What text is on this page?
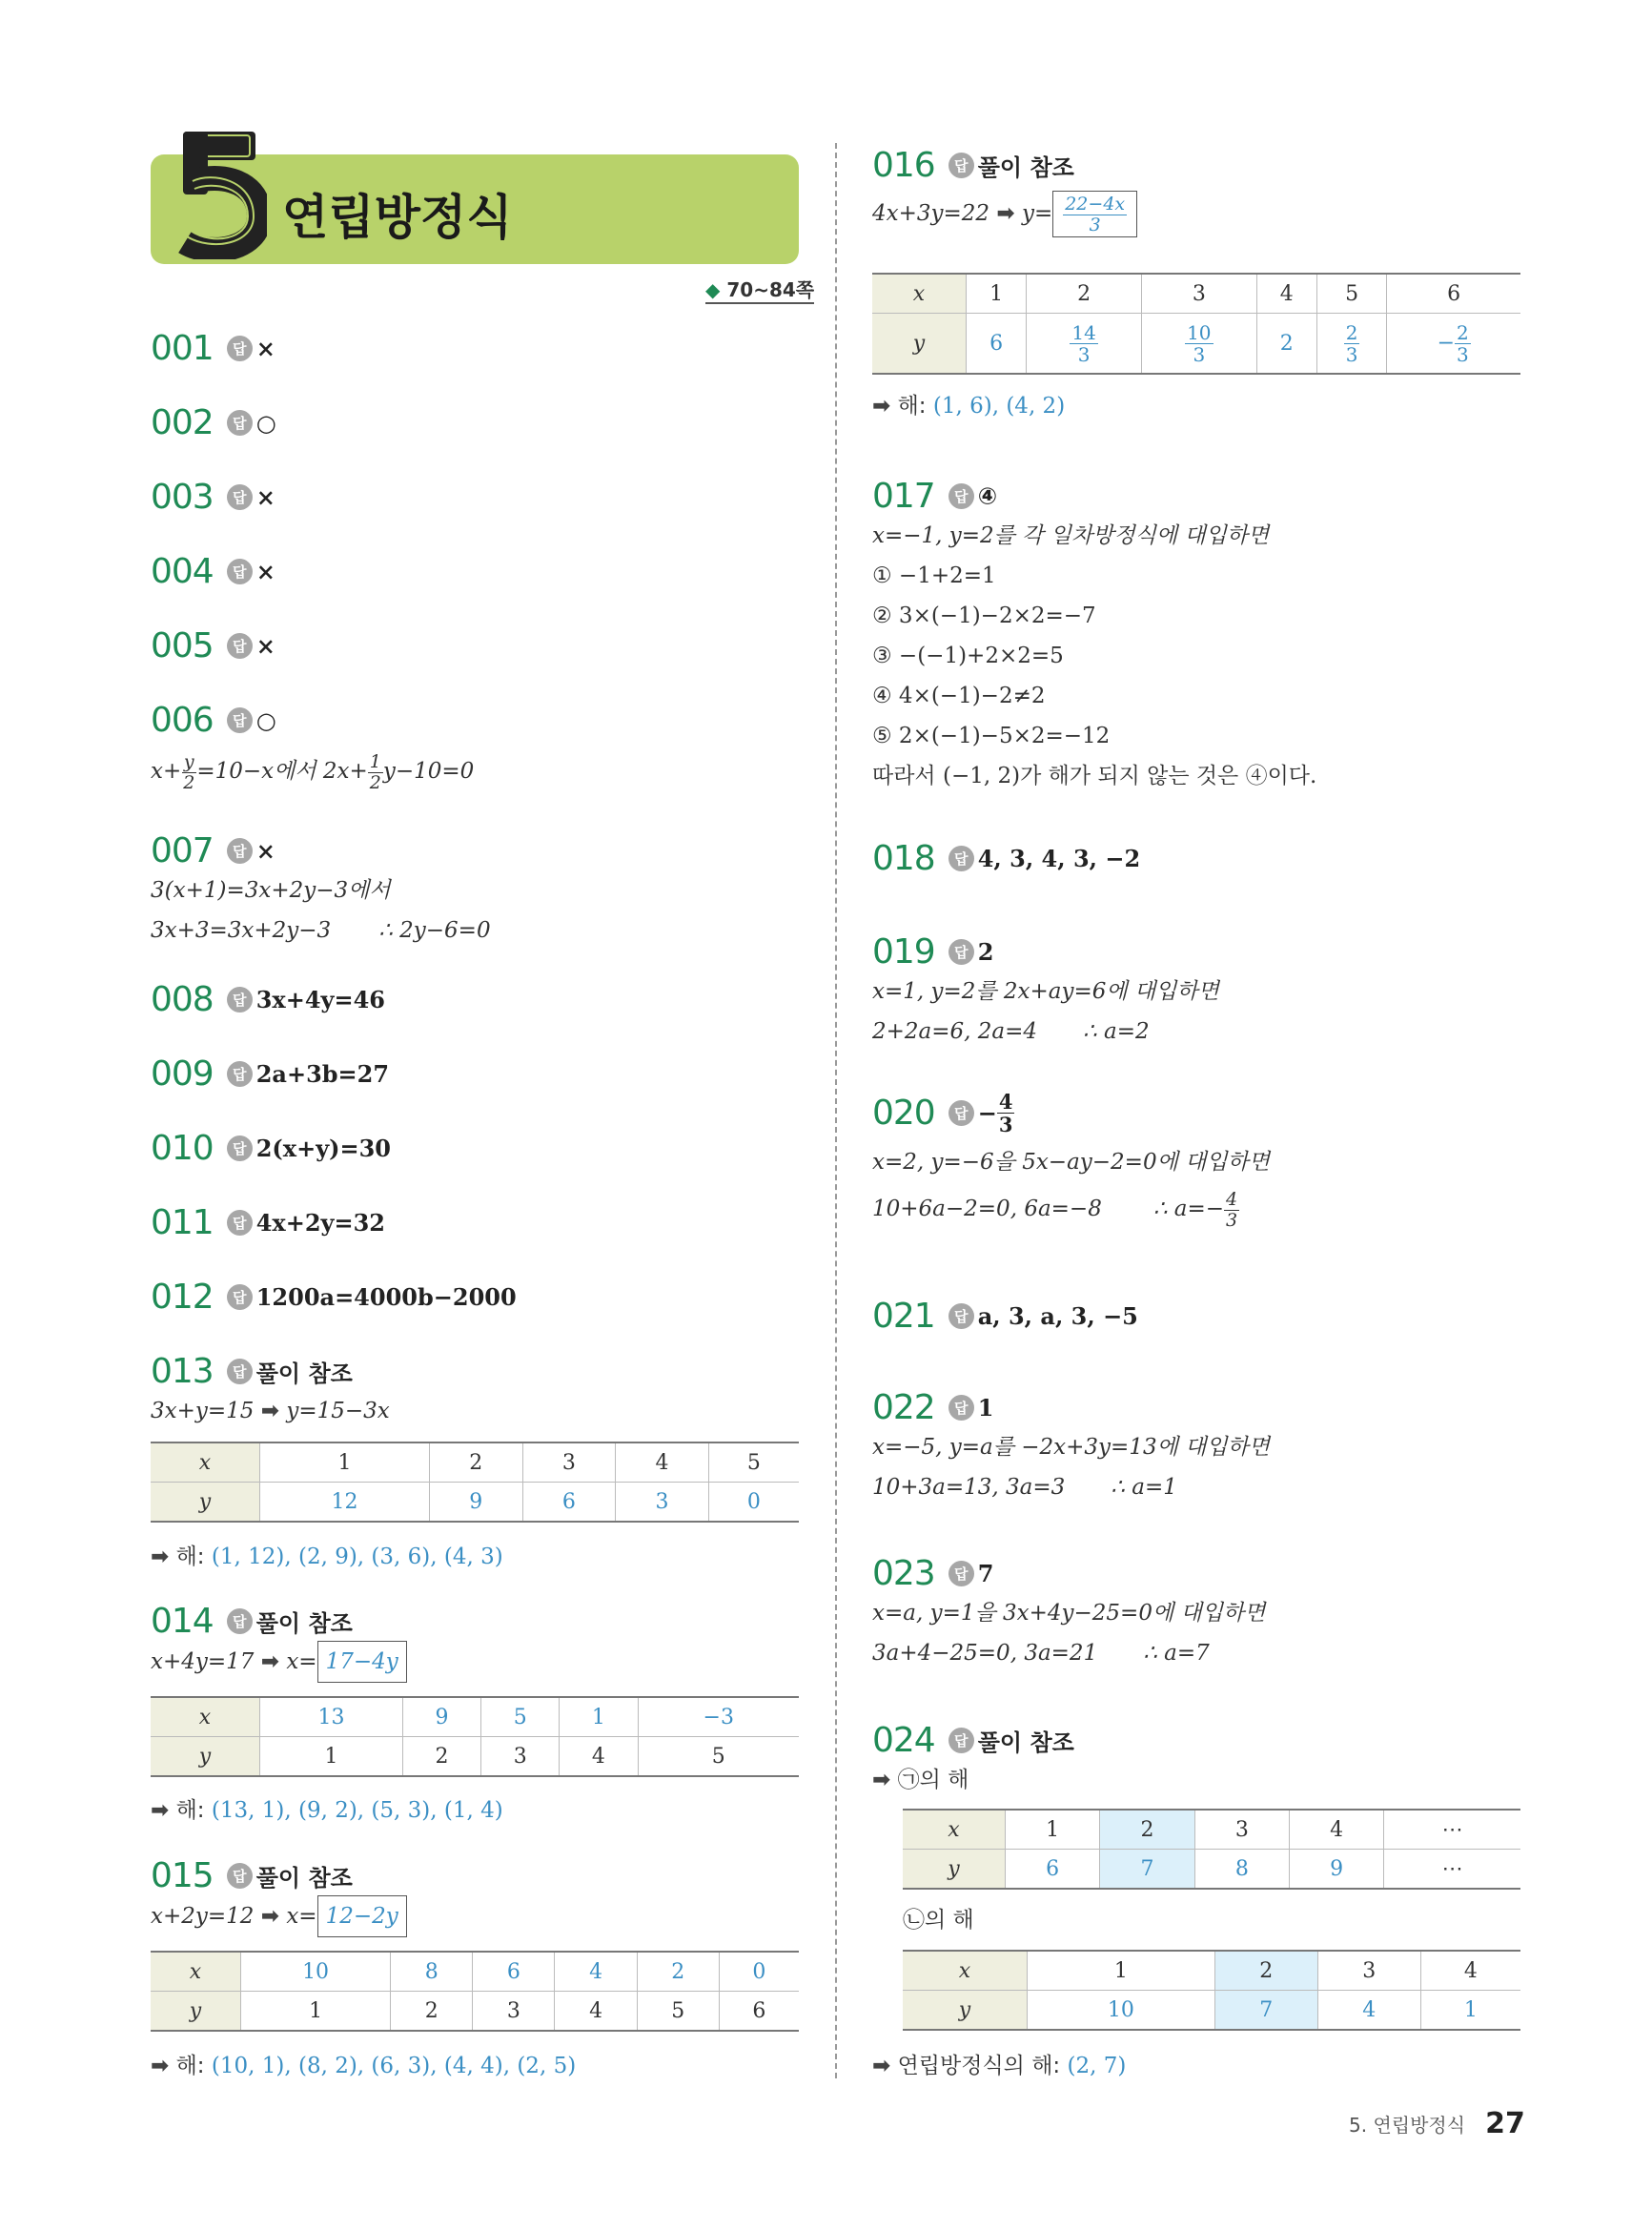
연립방정식
◆ 70~84쪽
001 답 ×
002 답 ○
003 답 ×
004 답 ×
005 답 ×
006 답 ○
$x+ \frac{y}{2} =10-x$에서 $2x+ \frac{1}{2} y-10=0$
007 답 ×
3(x+1)=3x+2y−3에서
3x+3=3x+2y−3 ∴ 2y−6=0
008 답 3x+4y=46
009 답 2a+3b=27
010 답 2(x+y)=30
011 답 4x+2y=32
012 답 1200a=4000b−2000
013 답 풀이 참조
3x+y=15 ➡ y=15−3x
x	1	2	3	4	5
y	12	9	6	3	0
➡ 해: (1, 12), (2, 9), (3, 6), (4, 3)
014 답 풀이 참조
x+4y=17 ➡ x= 17−4y
x	13	9	5	1	−3
y	1	2	3	4	5
➡ 해: (13, 1), (9, 2), (5, 3), (1, 4)
015 답 풀이 참조
x+2y=12 ➡ x= 12−2y
x	10	8	6	4	2	0
y	1	2	3	4	5	6
➡ 해: (10, 1), (8, 2), (6, 3), (4, 4), (2, 5)
016 답 풀이 참조
4x+3y=22 ➡ $y= \frac{22-4x}{3}$
x	1	2	3	4	5	6
y	6	$\frac{14}{3}$	$\frac{10}{3}$	2	$\frac{2}{3}$	− $\frac{2}{3}$
➡ 해: (1, 6), (4, 2)
017 답 ④
x=−1, y=2를 각 일차방정식에 대입하면
① −1+2=1
② 3×(−1)−2×2=−7
③ −(−1)+2×2=5
④ 4×(−1)−2≠2
⑤ 2×(−1)−5×2=−12
따라서 (−1, 2)가 해가 되지 않는 것은 ④이다.
018 답 4, 3, 4, 3, −2
019 답 2
x=1, y=2를 2x+ay=6에 대입하면
2+2a=6, 2a=4 ∴ a=2
020 답 − $\frac{4}{3}$
x=2, y=−6을 5x−ay−2=0에 대입하면
10+6a−2=0, 6a=−8 ∴ $a=- \frac{4}{3}$
021 답 a, 3, a, 3, −5
022 답 1
x=−5, y=a를 −2x+3y=13에 대입하면
10+3a=13, 3a=3 ∴ a=1
023 답 7
x=a, y=1을 3x+4y−25=0에 대입하면
3a+4−25=0, 3a=21 ∴ a=7
024 답 풀이 참조
➡ ㉠의 해
x	1	2	3	4	⋯
y	6	7	8	9	⋯
㉡의 해
x	1	2	3	4
y	10	7	4	1
➡ 연립방정식의 해: (2, 7)
5. 연립방정식 27
